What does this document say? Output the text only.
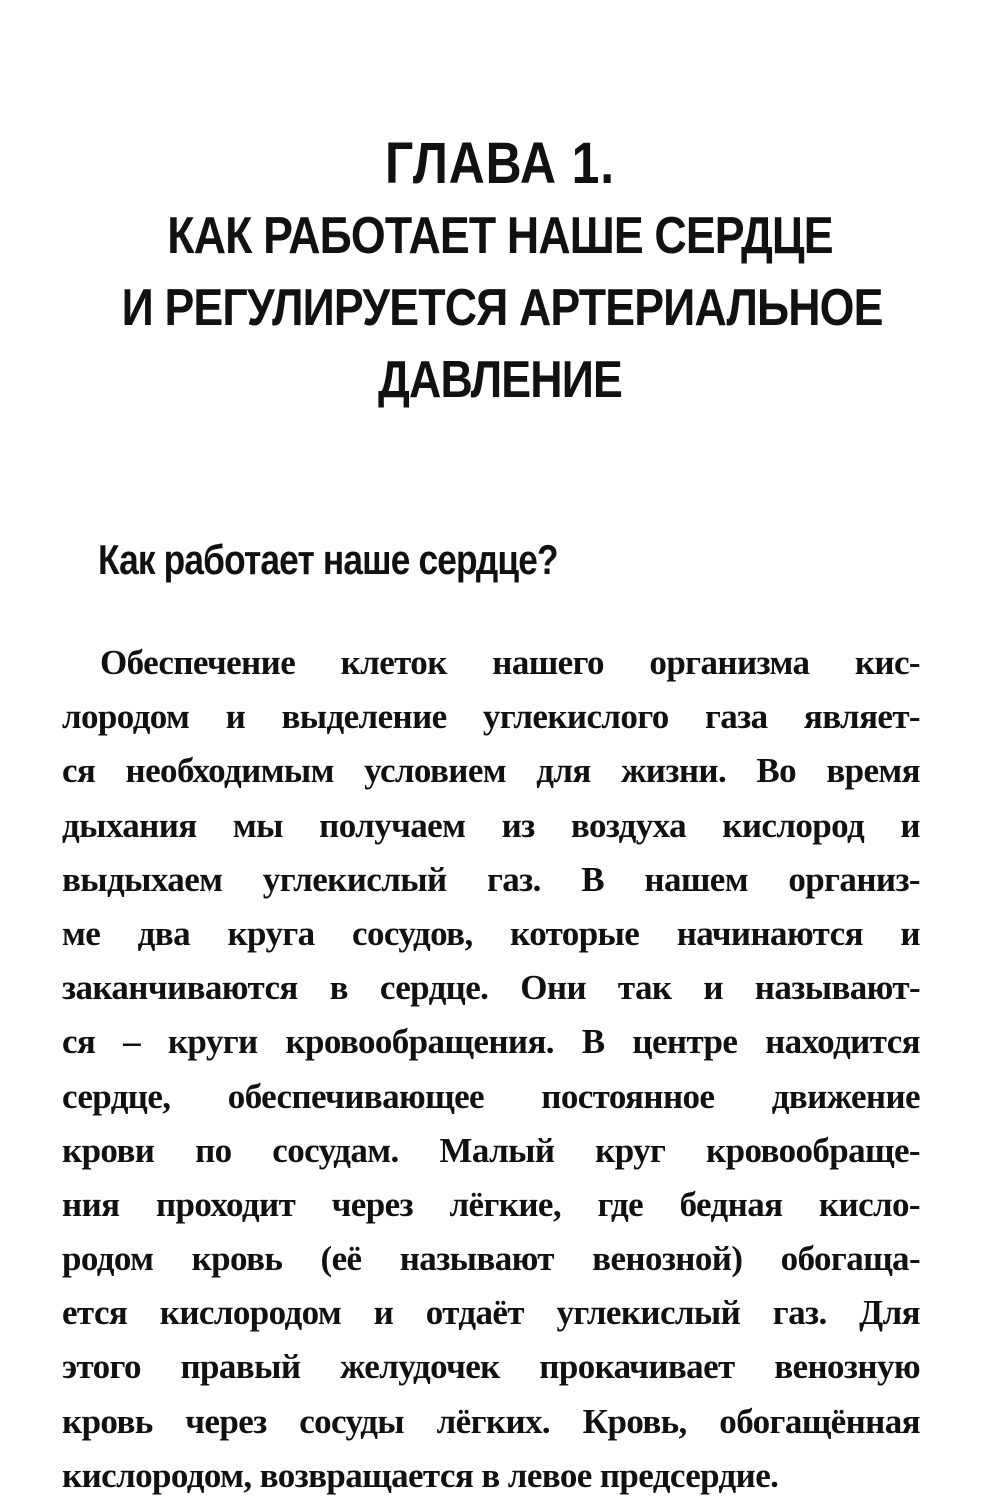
ГЛАВА 1.
КАК РАБОТАЕТ НАШЕ СЕРДЦЕ
И РЕГУЛИРУЕТСЯ АРТЕРИАЛЬНОЕ
ДАВЛЕНИЕ
Как работает наше сердце?
Обеспечение клеток нашего организма кис-
лородом и выделение углекислого газа являет-
ся необходимым условием для жизни. Во время
дыхания мы получаем из воздуха кислород и
выдыхаем углекислый газ. В нашем организ-
ме два круга сосудов, которые начинаются и
заканчиваются в сердце. Они так и называют-
ся – круги кровообращения. В центре находится
сердце, обеспечивающее постоянное движение
крови по сосудам. Малый круг кровообраще-
ния проходит через лёгкие, где бедная кисло-
родом кровь (её называют венозной) обогаща-
ется кислородом и отдаёт углекислый газ. Для
этого правый желудочек прокачивает венозную
кровь через сосуды лёгких. Кровь, обогащённая
кислородом, возвращается в левое предсердие.
